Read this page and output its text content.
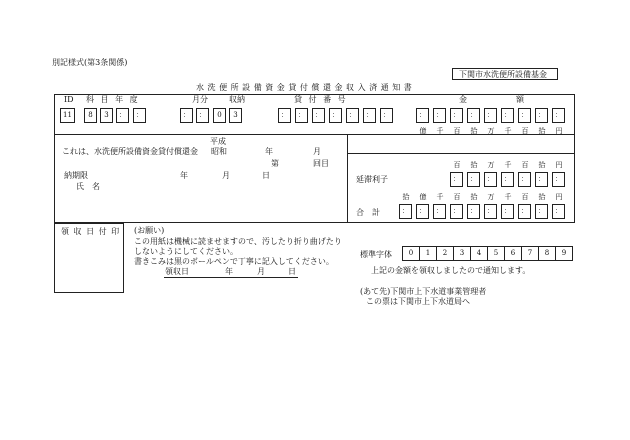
別記様式(第3条関係)
下関市水洗便所設備基金
水 洗 便 所 設 備 資 金 貸 付 償 還 金 収 入 済 通 知 書
ID 科 目 年 度	月分	収納	貸 付 番 号	金	額
11	8	3	：	：	：	：	0	3	：	：	：	：	：	：	：	：	：	：	：	：	：	：	：	：
億	千	百	拾	万	千	百	拾	円
平成
これは、水洗便所設備資金貸付償還金 昭和	年	月
第	回目
納期限	年	月	日
氏　名
百	拾	万	千	百	拾	円
延滞利子	：	：	：	：	：	：	：
拾	億	千	百	拾	万	千	百	拾	円
合　計	：	：	：	：	：	：	：	：	：	：
領 収 日 付 印 (お願い)
この用紙は機械に読ませますので、汚したり折り曲げたり
しないようにしてください。
書きこみは黒のボールペンで丁寧に記入してください。
領収日	年	月	日
標準字体	0	1	2	3	4	5	6	7	8	9
上記の金額を領収しましたので通知します。
(あて先)下関市上下水道事業管理者
この票は下関市上下水道局へ
